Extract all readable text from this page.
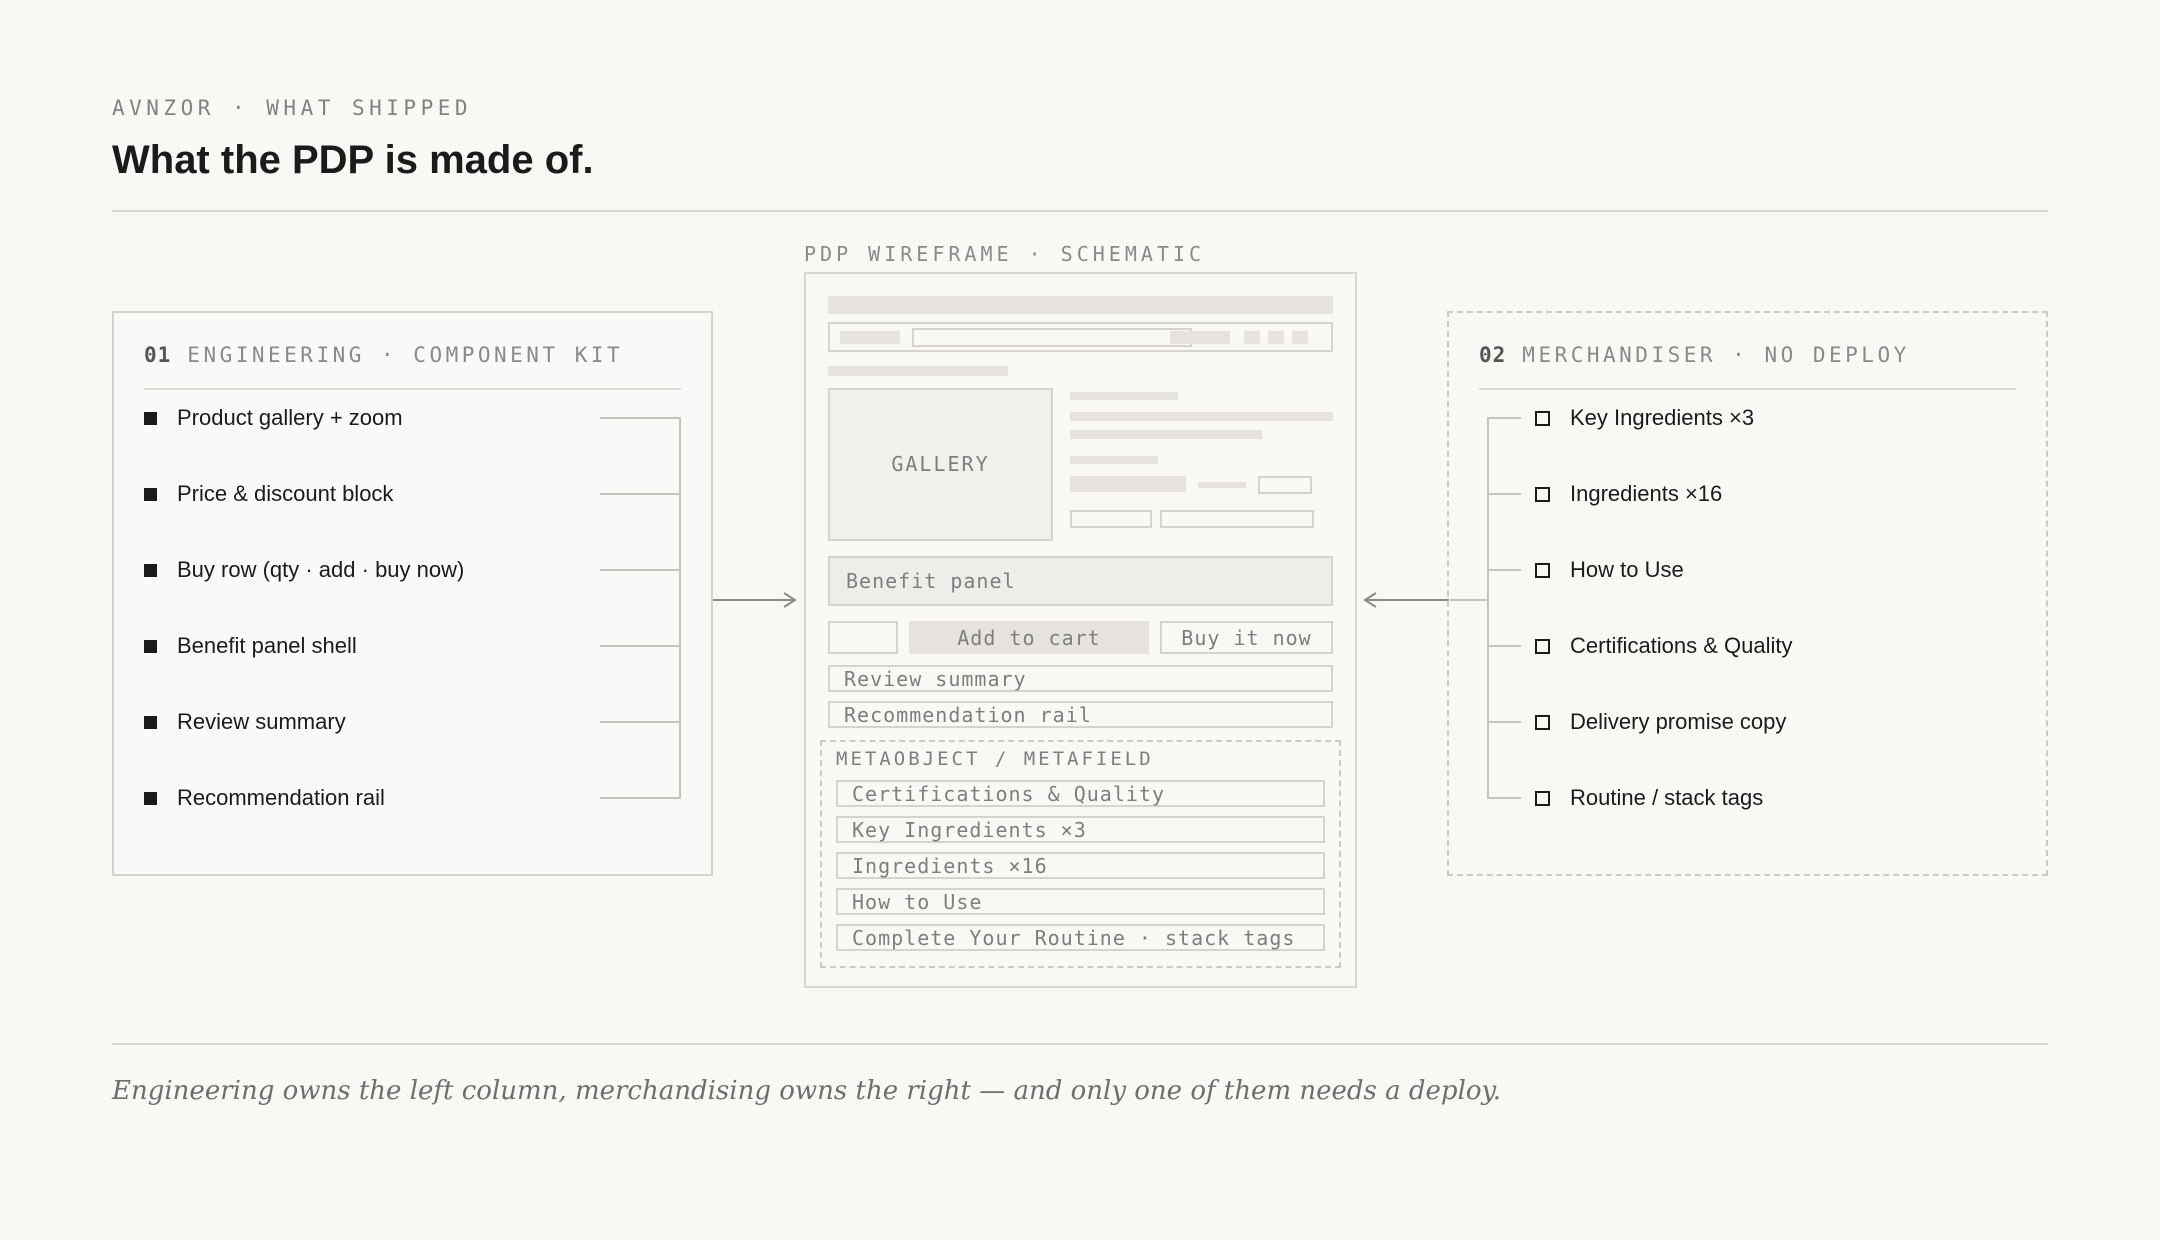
AVNZOR · WHAT SHIPPED
What the PDP is made of.
01 ENGINEERING · COMPONENT KIT
Product gallery + zoom
Price & discount block
Buy row (qty · add · buy now)
Benefit panel shell
Review summary
Recommendation rail
PDP WIREFRAME · SCHEMATIC
GALLERY
Benefit panel
Add to cart	Buy it now
Review summary
Recommendation rail
METAOBJECT / METAFIELD
Certifications & Quality
Key Ingredients ×3
Ingredients ×16
How to Use
Complete Your Routine · stack tags
02 MERCHANDISER · NO DEPLOY
Key Ingredients ×3
Ingredients ×16
How to Use
Certifications & Quality
Delivery promise copy
Routine / stack tags
Engineering owns the left column, merchandising owns the right — and only one of them needs a deploy.
